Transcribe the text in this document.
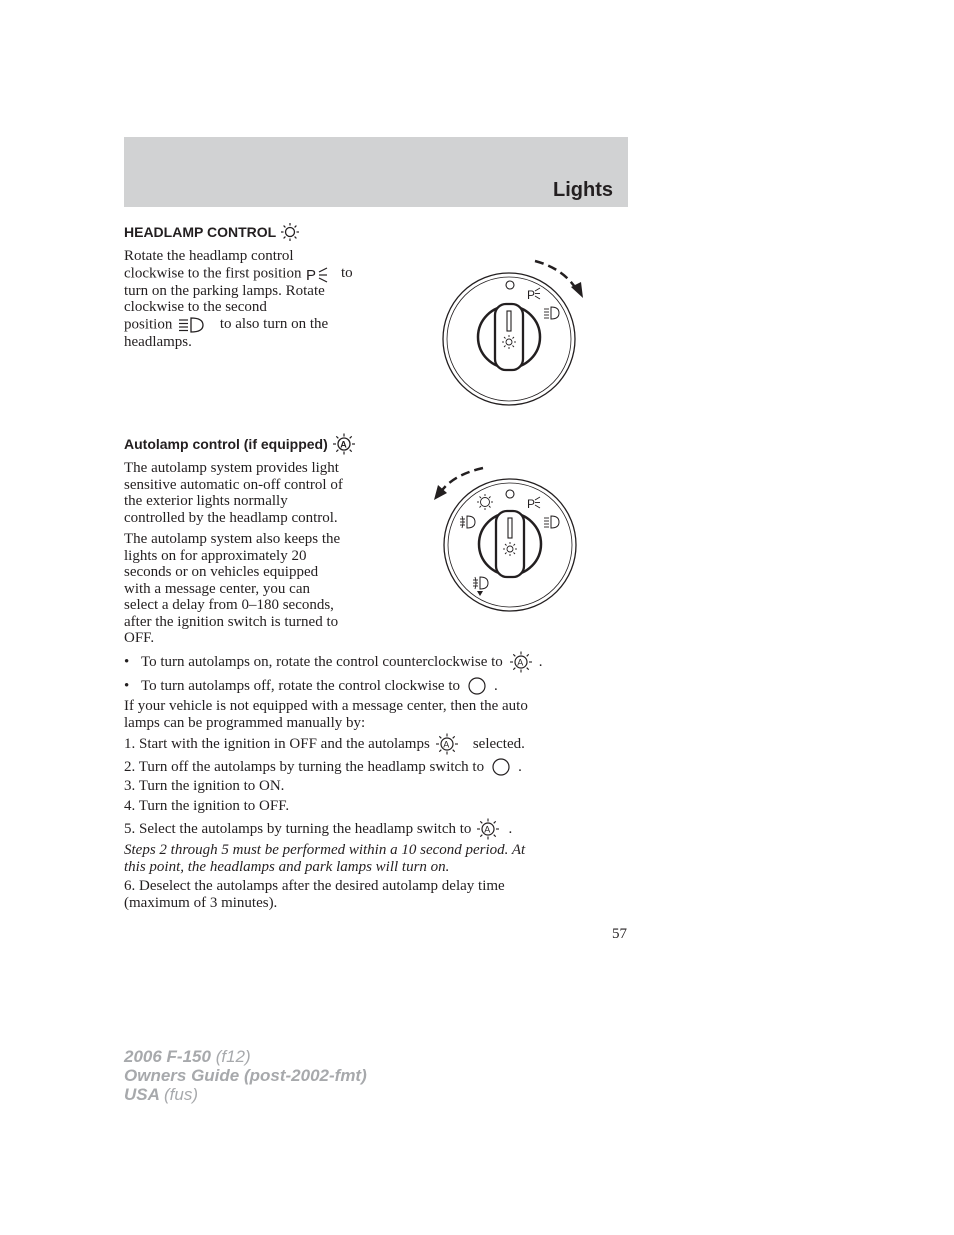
Lights
HEADLAMP CONTROL
Rotate the headlamp control
clockwise to the first position P to
turn on the parking lamps. Rotate
clockwise to the second
position	to also turn on the
headlamps.
P
Autolamp control (if equipped) A
The autolamp system provides light
sensitive automatic on-off control of
the exterior lights normally
controlled by the headlamp control.
The autolamp system also keeps the
lights on for approximately 20
seconds or on vehicles equipped
with a message center, you can
select a delay from 0–180 seconds,
after the ignition switch is turned to
OFF.
P
• To turn autolamps on, rotate the control counterclockwise to A .
• To turn autolamps off, rotate the control clockwise to .
If your vehicle is not equipped with a message center, then the auto
lamps can be programmed manually by:
1. Start with the ignition in OFF and the autolamps A selected.
2. Turn off the autolamps by turning the headlamp switch to .
3. Turn the ignition to ON.
4. Turn the ignition to OFF.
5. Select the autolamps by turning the headlamp switch to A .
Steps 2 through 5 must be performed within a 10 second period. At
this point, the headlamps and park lamps will turn on.
6. Deselect the autolamps after the desired autolamp delay time
(maximum of 3 minutes).
57
2006 F-150 (f12)
Owners Guide (post-2002-fmt)
USA (fus)
